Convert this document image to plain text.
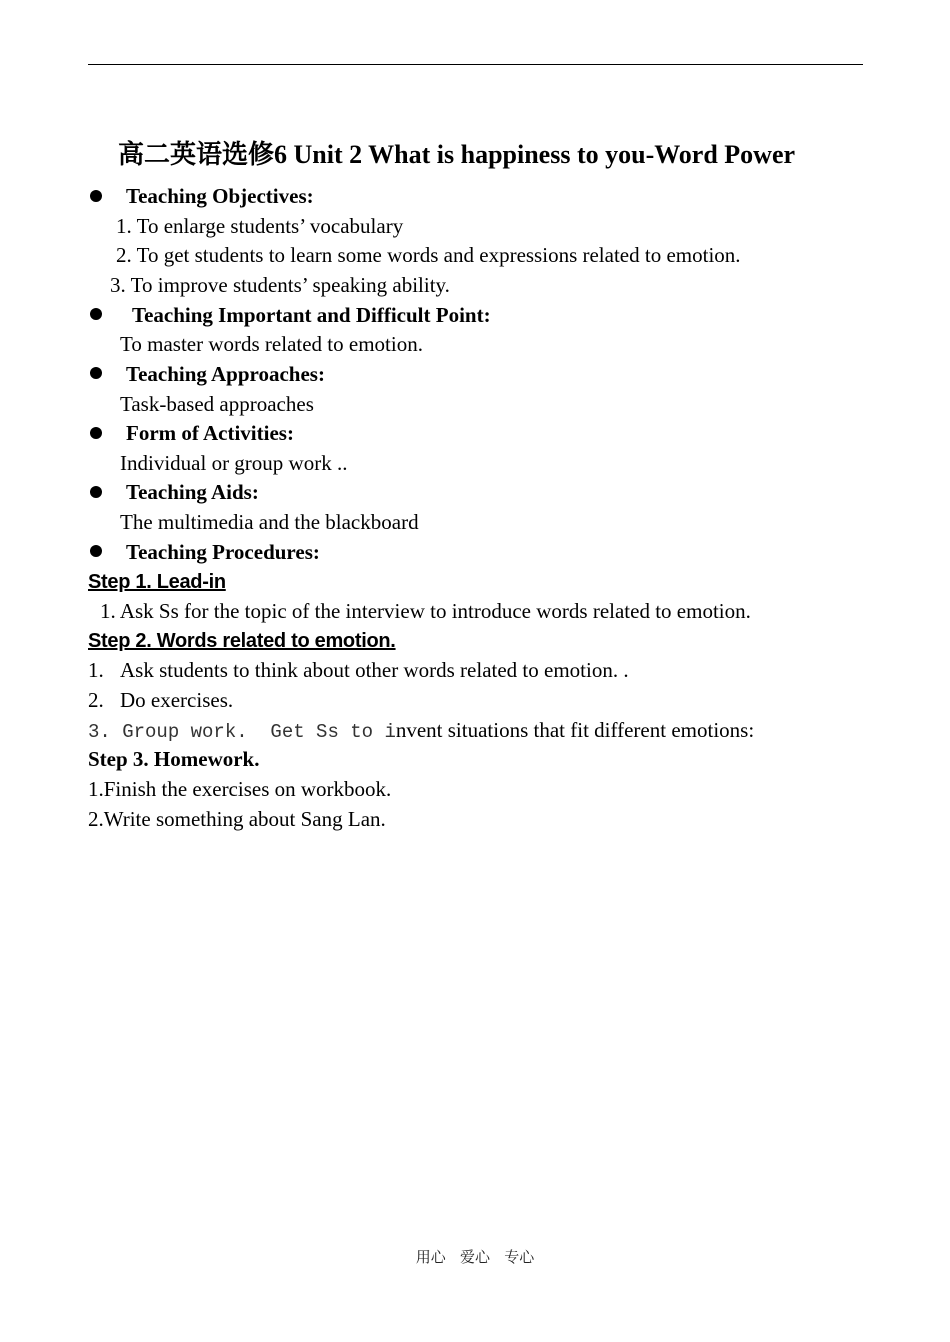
高二英语选修6 Unit 2 What is happiness to you-Word Power
Teaching Objectives:
1. To enlarge students’ vocabulary
2. To get students to learn some words and expressions related to emotion.
3. To improve students’ speaking ability.
Teaching Important and Difficult Point:
To master words related to emotion.
Teaching Approaches:
Task-based approaches
Form of Activities:
Individual or group work ..
Teaching Aids:
The multimedia and the blackboard
Teaching Procedures:
Step 1. Lead-in
1. Ask Ss for the topic of the interview to introduce words related to emotion.
Step 2. Words related to emotion.
1. Ask students to think about other words related to emotion. .
2. Do exercises.
3. Group work.  Get Ss to invent situations that fit different emotions:
Step 3. Homework.
1.Finish the exercises on workbook.
2.Write something about Sang Lan.
用心   爱心   专心
